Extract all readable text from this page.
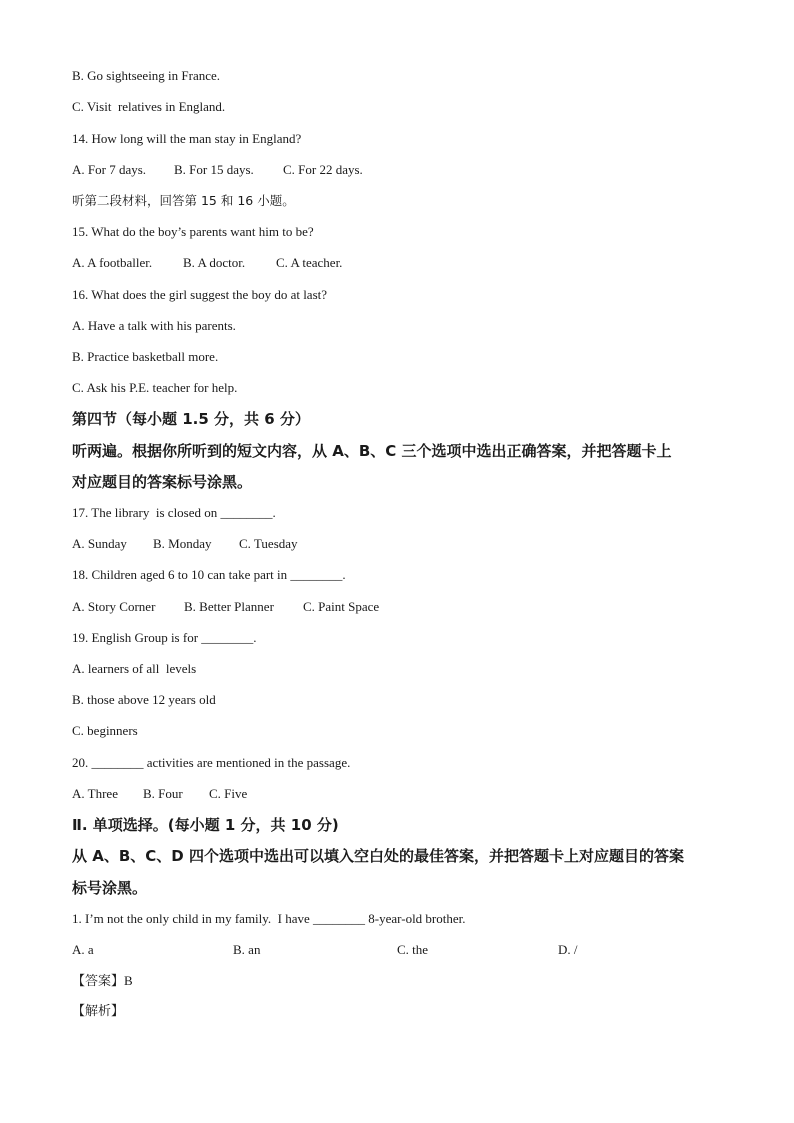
B. Go sightseeing in France.
C. Visit  relatives in England.
14. How long will the man stay in England?
A. For 7 days. B. For 15 days. C. For 22 days.
听第二段材料，回答第 15 和 16 小题。
15. What do the boy’s parents want him to be?
A. A footballer. B. A doctor. C. A teacher.
16. What does the girl suggest the boy do at last?
A. Have a talk with his parents.
B. Practice basketball more.
C. Ask his P.E. teacher for help.
第四节（每小题 1.5 分，共 6 分）
听两遍。根据你所听到的短文内容，从 A、B、C 三个选项中选出正确答案，并把答题卡上
对应题目的答案标号涂黑。
17. The library  is closed on ________.
A. Sunday B. Monday C. Tuesday
18. Children aged 6 to 10 can take part in ________.
A. Story Corner B. Better Planner C. Paint Space
19. English Group is for ________.
A. learners of all  levels
B. those above 12 years old
C. beginners
20. ________ activities are mentioned in the passage.
A. Three B. Four C. Five
Ⅱ. 单项选择。(每小题 1 分，共 10 分)
从 A、B、C、D 四个选项中选出可以填入空白处的最佳答案，并把答题卡上对应题目的答案
标号涂黑。
1. I’m not the only child in my family.  I have ________ 8-year-old brother.
A. a	B. an	C. the	D. /
【答案】B
【解析】
